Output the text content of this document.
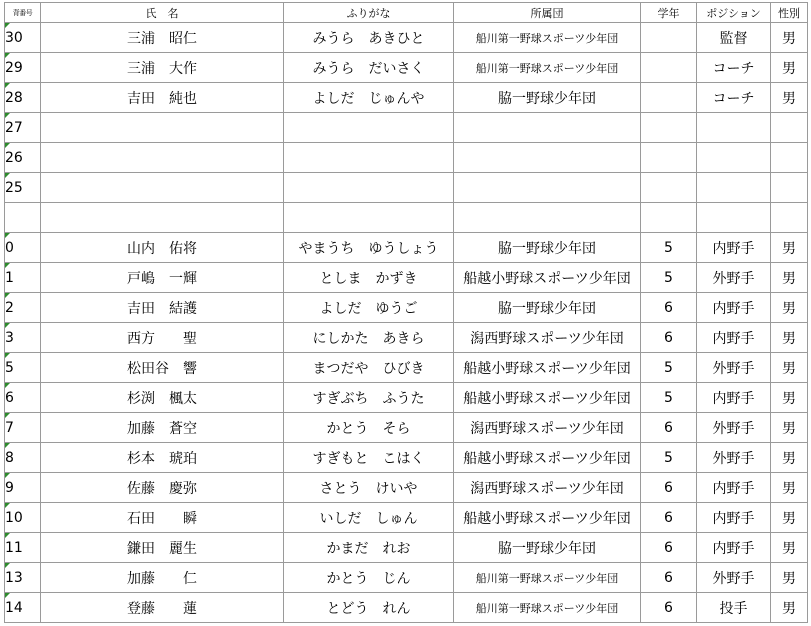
背番号	氏　名	ふりがな	所属団	学年	ポジション	性別
30	三浦　昭仁	みうら　あきひと	船川第一野球スポーツ少年団		監督	男
29	三浦　大作	みうら　だいさく	船川第一野球スポーツ少年団		コーチ	男
28	吉田　純也	よしだ　じゅんや	脇一野球少年団		コーチ	男
27						
26						
25						

0	山内　佑将	やまうち　ゆうしょう	脇一野球少年団	5	内野手	男
1	戸嶋　一輝	としま　かずき	船越小野球スポーツ少年団	5	外野手	男
2	吉田　結護	よしだ　ゆうご	脇一野球少年団	6	内野手	男
3	西方　　聖	にしかた　あきら	潟西野球スポーツ少年団	6	内野手	男
5	松田谷　響	まつだや　ひびき	船越小野球スポーツ少年団	5	外野手	男
6	杉渕　楓太	すぎぶち　ふうた	船越小野球スポーツ少年団	5	内野手	男
7	加藤　蒼空	かとう　そら	潟西野球スポーツ少年団	6	外野手	男
8	杉本　琥珀	すぎもと　こはく	船越小野球スポーツ少年団	5	外野手	男
9	佐藤　慶弥	さとう　けいや	潟西野球スポーツ少年団	6	内野手	男
10	石田　　瞬	いしだ　しゅん	船越小野球スポーツ少年団	6	内野手	男
11	鎌田　麗生	かまだ　れお	脇一野球少年団	6	内野手	男
13	加藤　　仁	かとう　じん	船川第一野球スポーツ少年団	6	外野手	男
14	登藤　　蓮	とどう　れん	船川第一野球スポーツ少年団	6	投手	男
